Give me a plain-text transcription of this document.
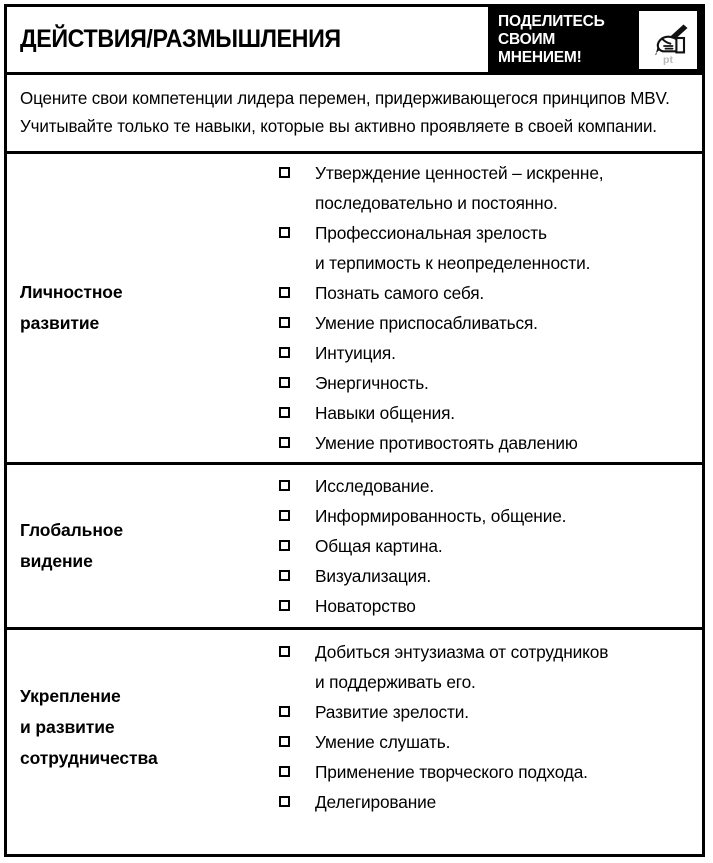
ДЕЙСТВИЯ/РАЗМЫШЛЕНИЯ
ПОДЕЛИТЕСЬ
СВОИМ
МНЕНИЕМ!	pt
Оцените свои компетенции лидера перемен, придерживающегося принципов MBV. Учитывайте только те навыки, которые вы активно проявляете в своей компании.
Личностное
развитие
Утверждение ценностей – искренне,
последовательно и постоянно.
Профессиональная зрелость
и терпимость к неопределенности.
Познать самого себя.
Умение приспосабливаться.
Интуиция.
Энергичность.
Навыки общения.
Умение противостоять давлению
Глобальное
видение
Исследование.
Информированность, общение.
Общая картина.
Визуализация.
Новаторство
Укрепление
и развитие
сотрудничества
Добиться энтузиазма от сотрудников
и поддерживать его.
Развитие зрелости.
Умение слушать.
Применение творческого подхода.
Делегирование
